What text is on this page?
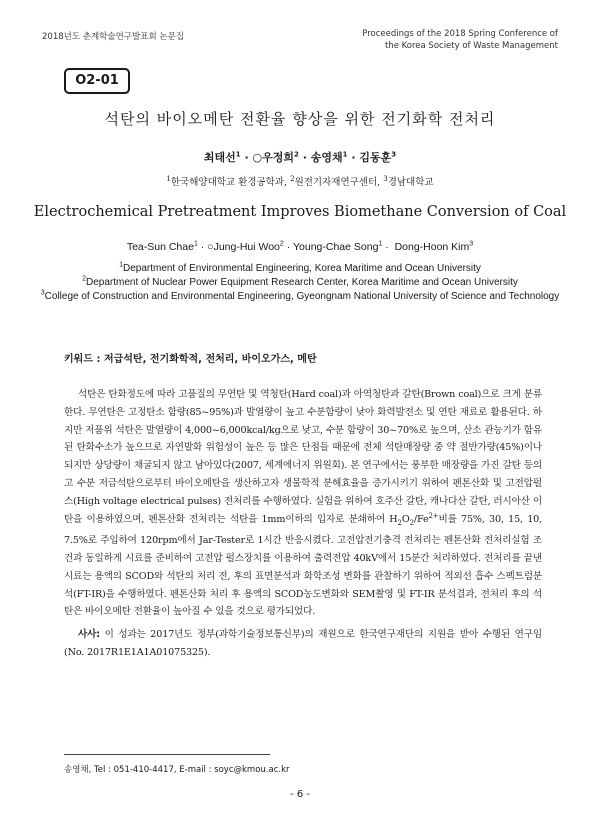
2018년도 춘계학술연구발표회 논문집	Proceedings of the 2018 Spring Conference of
the Korea Society of Waste Management
O2-01
석탄의 바이오메탄 전환율 향상을 위한 전기화학 전처리
최태선$^1$ · ○우정희$^2$ · 송영채$^1$ · 김동훈$^3$
$^1$한국해양대학교 환경공학과, $^2$원전기자재연구센터, $^3$경남대학교
Electrochemical Pretreatment Improves Biomethane Conversion of Coal
Tea-Sun Chae$^1$ · ○Jung-Hui Woo$^2$ · Young-Chae Song$^1$ ·  Dong-Hoon Kim$^3$
$^1$Department of Environmental Engineering, Korea Maritime and Ocean University
$^2$Department of Nuclear Power Equipment Research Center, Korea Maritime and Ocean University
$^3$College of Construction and Environmental Engineering, Gyeongnam National University of Science and Technology
키워드 : 저급석탄, 전기화학적, 전처리, 바이오가스, 메탄
석탄은 탄화정도에 따라 고품질의 무연탄 및 역청탄(Hard coal)과 아역청탄과 갈탄(Brown coal)으로 크게 분류한다. 무연탄은 고정탄소 함량(85~95%)과 발열량이 높고 수분함량이 낮아 화력발전소 및 연탄 재료로 활용된다. 하지만 저품위 석탄은 발열량이 4,000~6,000kcal/kg으로 낮고, 수분 함량이 30~70%로 높으며, 산소 관능기가 함유된 탄화수소가 높으므로 자연발화 위험성이 높은 등 많은 단점들 때문에 전체 석탄매장량 중 약 절반가량(45%)이나 되지만 상당량이 채굴되지 않고 남아있다(2007, 세계에너지 위원회). 본 연구에서는 풍부한 매장량을 가진 갈탄 등의 고 수분 저급석탄으로부터 바이오메탄을 생산하고자 생물학적 분해효율을 증가시키기 위하여 펜톤산화 및 고전압펄스(High voltage electrical pulses) 전처리를 수행하였다. 실험을 위하여 호주산 갈탄, 캐나다산 갈탄, 러시아산 이탄을 이용하였으며, 펜톤산화 전처리는 석탄을 1mm이하의 입자로 분쇄하여 $H_2O_2/Fe^{2+}$비를 75%, 30, 15, 10, 7.5%로 주입하여 120rpm에서 Jar-Tester로 1시간 반응시켰다. 고전압전기충격 전처리는 펜톤산화 전처리실험 조건과 동일하게 시료를 준비하여 고전압 펄스장치를 이용하여 출력전압 40kV에서 15분간 처리하였다. 전처리를 끝낸 시료는 용액의 SCOD와 석탄의 처리 전, 후의 표면분석과 화학조성 변화를 관찰하기 위하여 적외선 흡수 스펙트럼분석(FT-IR)을 수행하였다. 펜톤산화 처리 후 용액의 SCOD농도변화와 SEM촬영 및 FT-IR 분석결과, 전처리 후의 석탄은 바이오메탄 전환율이 높아질 수 있을 것으로 평가되었다.
사사: 이 성과는 2017년도 정부(과학기술정보통신부)의 재원으로 한국연구재단의 지원을 받아 수행된 연구임(No. 2017R1E1A1A01075325).
송영채, Tel : 051-410-4417, E-mail : soyc@kmou.ac.kr
- 6 -
